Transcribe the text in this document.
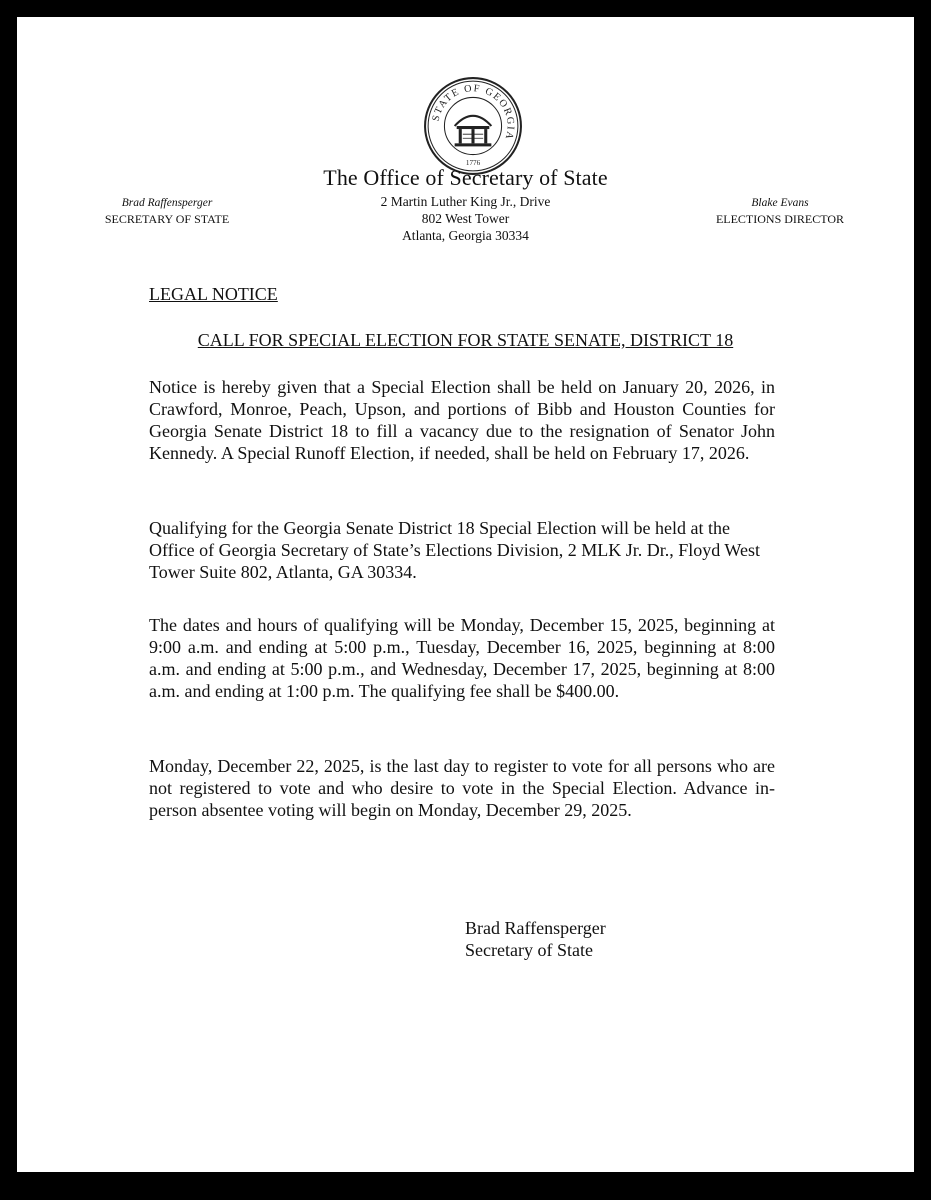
STATE OF GEORGIA
1776
Brad Raffensperger
SECRETARY OF STATE
The Office of Secretary of State
2 Martin Luther King Jr., Drive
802 West Tower
Atlanta, Georgia 30334
Blake Evans
ELECTIONS DIRECTOR
LEGAL NOTICE
CALL FOR SPECIAL ELECTION FOR STATE SENATE, DISTRICT 18
Notice is hereby given that a Special Election shall be held on January 20, 2026, in Crawford, Monroe, Peach, Upson, and portions of Bibb and Houston Counties for Georgia Senate District 18 to fill a vacancy due to the resignation of Senator John Kennedy. A Special Runoff Election, if needed, shall be held on February 17, 2026.
Qualifying for the Georgia Senate District 18 Special Election will be held at the Office of Georgia Secretary of State’s Elections Division, 2 MLK Jr. Dr., Floyd West Tower Suite 802, Atlanta, GA 30334.
The dates and hours of qualifying will be Monday, December 15, 2025, beginning at 9:00 a.m. and ending at 5:00 p.m., Tuesday, December 16, 2025, beginning at 8:00 a.m. and ending at 5:00 p.m., and Wednesday, December 17, 2025, beginning at 8:00 a.m. and ending at 1:00 p.m. The qualifying fee shall be $400.00.
Monday, December 22, 2025, is the last day to register to vote for all persons who are not registered to vote and who desire to vote in the Special Election. Advance in-person absentee voting will begin on Monday, December 29, 2025.
Brad Raffensperger
Secretary of State
